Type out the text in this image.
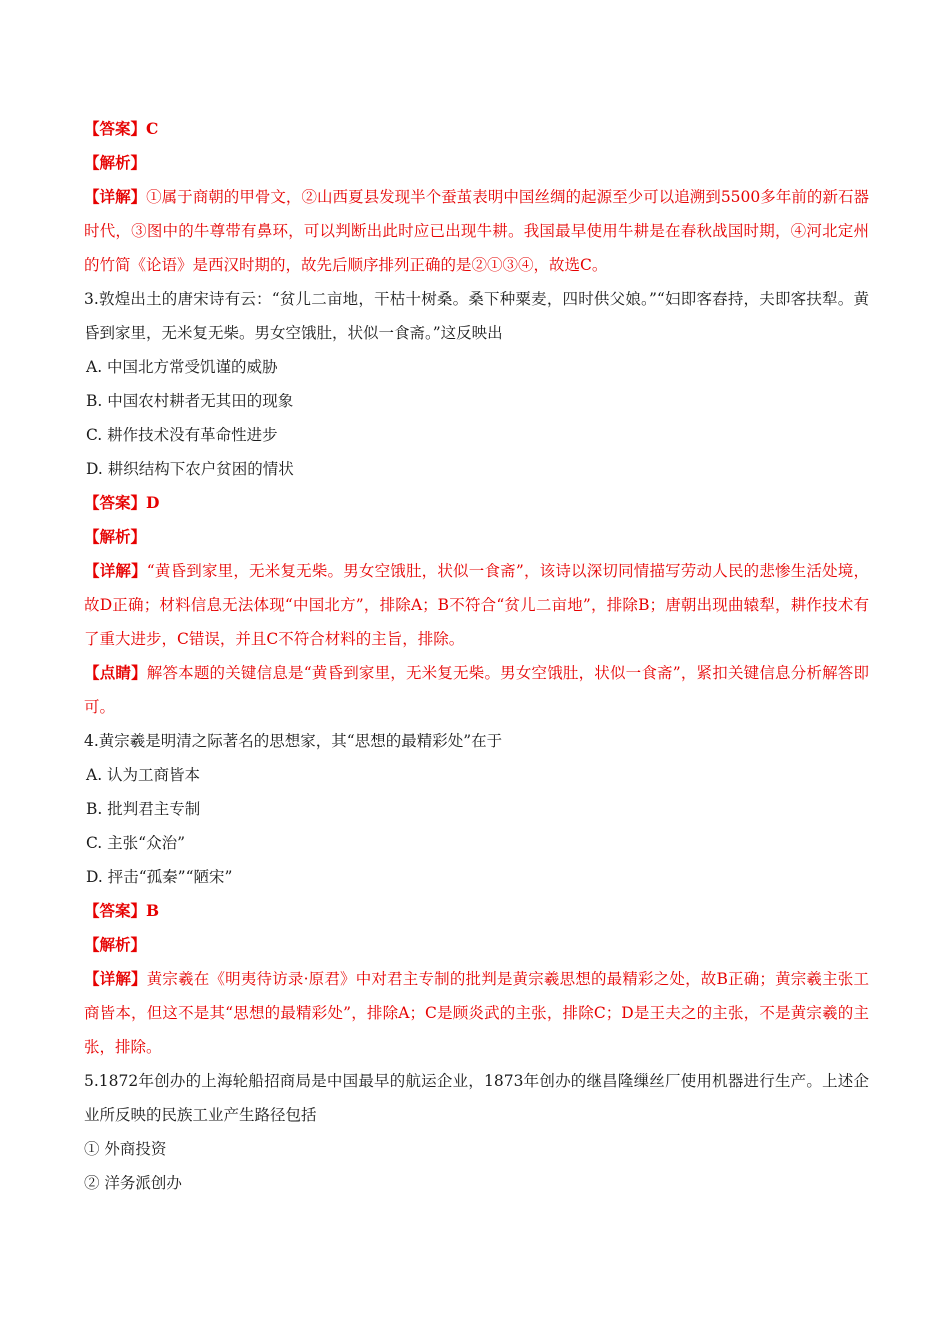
【答案】C
【解析】
【详解】①属于商朝的甲骨文，②山西夏县发现半个蚕茧表明中国丝绸的起源至少可以追溯到5500多年前的新石器时代，③图中的牛尊带有鼻环，可以判断出此时应已出现牛耕。我国最早使用牛耕是在春秋战国时期，④河北定州的竹简《论语》是西汉时期的，故先后顺序排列正确的是②①③④，故选C。
3.敦煌出土的唐宋诗有云：“贫儿二亩地，干枯十树桑。桑下种粟麦，四时供父娘。”“妇即客舂持，夫即客扶犁。黄昏到家里，无米复无柴。男女空饿肚，状似一食斋。”这反映出
A. 中国北方常受饥谨的威胁
B. 中国农村耕者无其田的现象
C. 耕作技术没有革命性进步
D. 耕织结构下农户贫困的情状
【答案】D
【解析】
【详解】“黄昏到家里，无米复无柴。男女空饿肚，状似一食斋”，该诗以深切同情描写劳动人民的悲惨生活处境，故D正确；材料信息无法体现“中国北方”，排除A；B不符合“贫儿二亩地”，排除B；唐朝出现曲辕犁，耕作技术有了重大进步，C错误，并且C不符合材料的主旨，排除。
【点睛】解答本题的关键信息是“黄昏到家里，无米复无柴。男女空饿肚，状似一食斋”，紧扣关键信息分析解答即可。
4.黄宗羲是明清之际著名的思想家，其“思想的最精彩处”在于
A. 认为工商皆本
B. 批判君主专制
C. 主张“众治”
D. 抨击“孤秦”“陋宋”
【答案】B
【解析】
【详解】黄宗羲在《明夷待访录·原君》中对君主专制的批判是黄宗羲思想的最精彩之处，故B正确；黄宗羲主张工商皆本，但这不是其“思想的最精彩处”，排除A；C是顾炎武的主张，排除C；D是王夫之的主张，不是黄宗羲的主张，排除。
5.1872年创办的上海轮船招商局是中国最早的航运企业，1873年创办的继昌隆缫丝厂使用机器进行生产。上述企业所反映的民族工业产生路径包括
① 外商投资
② 洋务派创办
